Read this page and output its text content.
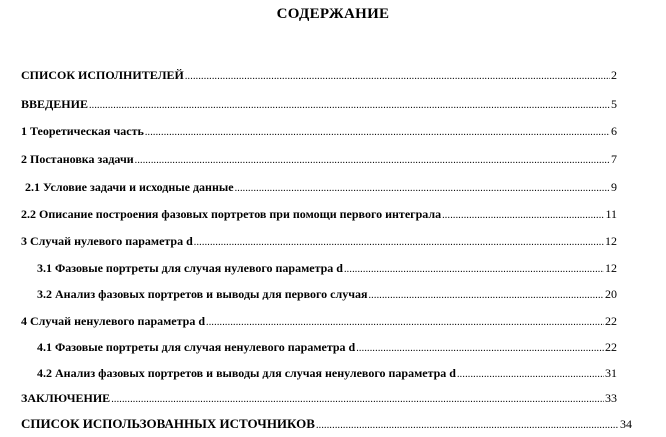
СОДЕРЖАНИЕ
СПИСОК ИСПОЛНИТЕЛЕЙ .....	2
ВВЕДЕНИЕ .....	5
1 Теоретическая часть .....	6
2 Постановка задачи .....	7
2.1 Условие задачи и исходные данные .....	9
2.2 Описание построения фазовых портретов при помощи первого интеграла .....	11
3 Случай нулевого параметра d .....	12
3.1 Фазовые портреты для случая нулевого параметра d .....	12
3.2 Анализ фазовых портретов и выводы для первого случая .....	20
4 Случай ненулевого параметра d .....	22
4.1 Фазовые портреты для случая ненулевого параметра d .....	22
4.2 Анализ фазовых портретов и выводы для случая ненулевого параметра d .....	31
ЗАКЛЮЧЕНИЕ .....	33
СПИСОК ИСПОЛЬЗОВАННЫХ ИСТОЧНИКОВ .....	34
